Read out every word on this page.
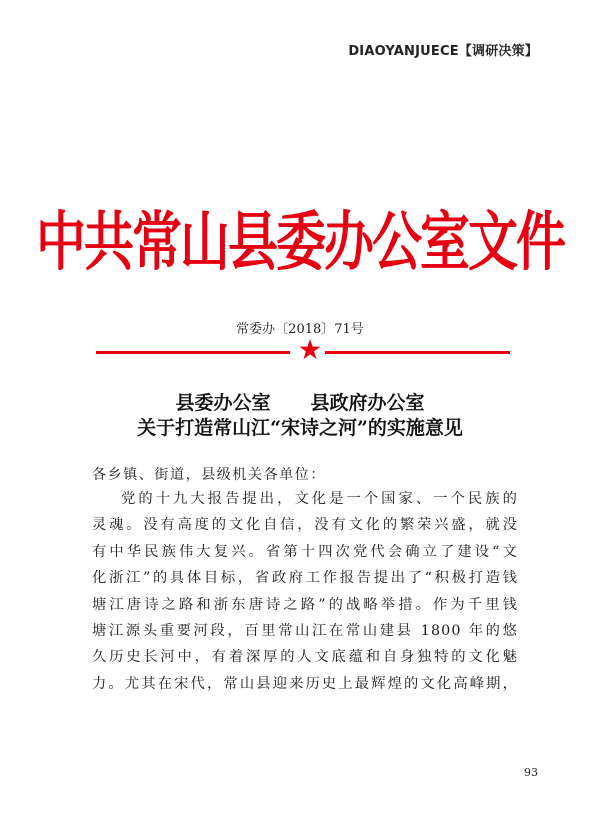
DIAOYANJUECE【调研决策】
中共常山县委办公室文件
常委办〔2018〕71号
县委办公室 县政府办公室
关于打造常山江“宋诗之河”的实施意见
各乡镇、街道，县级机关各单位：
党的十九大报告提出，文化是一个国家、一个民族的
灵魂。没有高度的文化自信，没有文化的繁荣兴盛，就没
有中华民族伟大复兴。省第十四次党代会确立了建设“文
化浙江”的具体目标，省政府工作报告提出了“积极打造钱
塘江唐诗之路和浙东唐诗之路”的战略举措。作为千里钱
塘江源头重要河段，百里常山江在常山建县 1800 年的悠
久历史长河中，有着深厚的人文底蕴和自身独特的文化魅
力。尤其在宋代，常山县迎来历史上最辉煌的文化高峰期，
93
